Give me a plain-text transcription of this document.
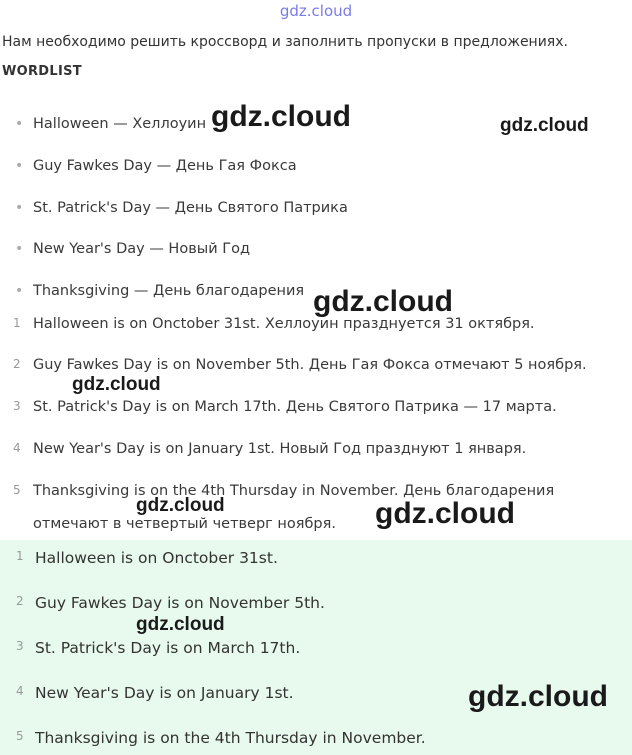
gdz.cloud
Нам необходимо решить кроссворд и заполнить пропуски в предложениях.
WORDLIST
• Halloween — Хеллоуин
• Guy Fawkes Day — День Гая Фокса
• St. Patrick's Day — День Святого Патрика
• New Year's Day — Новый Год
• Thanksgiving — День благодарения
1 Halloween is on Onctober 31st. Хеллоуин празднуется 31 октября.
2 Guy Fawkes Day is on November 5th. День Гая Фокса отмечают 5 ноября.
3 St. Patrick's Day is on March 17th. День Святого Патрика — 17 марта.
4 New Year's Day is on January 1st. Новый Год празднуют 1 января.
5 Thanksgiving is on the 4th Thursday in November. День благодарения
отмечают в четвертый четверг ноября.
1 Halloween is on Onctober 31st.
2 Guy Fawkes Day is on November 5th.
3 St. Patrick's Day is on March 17th.
4 New Year's Day is on January 1st.
5 Thanksgiving is on the 4th Thursday in November.
gdz.cloud	gdz.cloud
gdz.cloud
gdz.cloud
gdz.cloud
gdz.cloud
gdz.cloud
gdz.cloud
